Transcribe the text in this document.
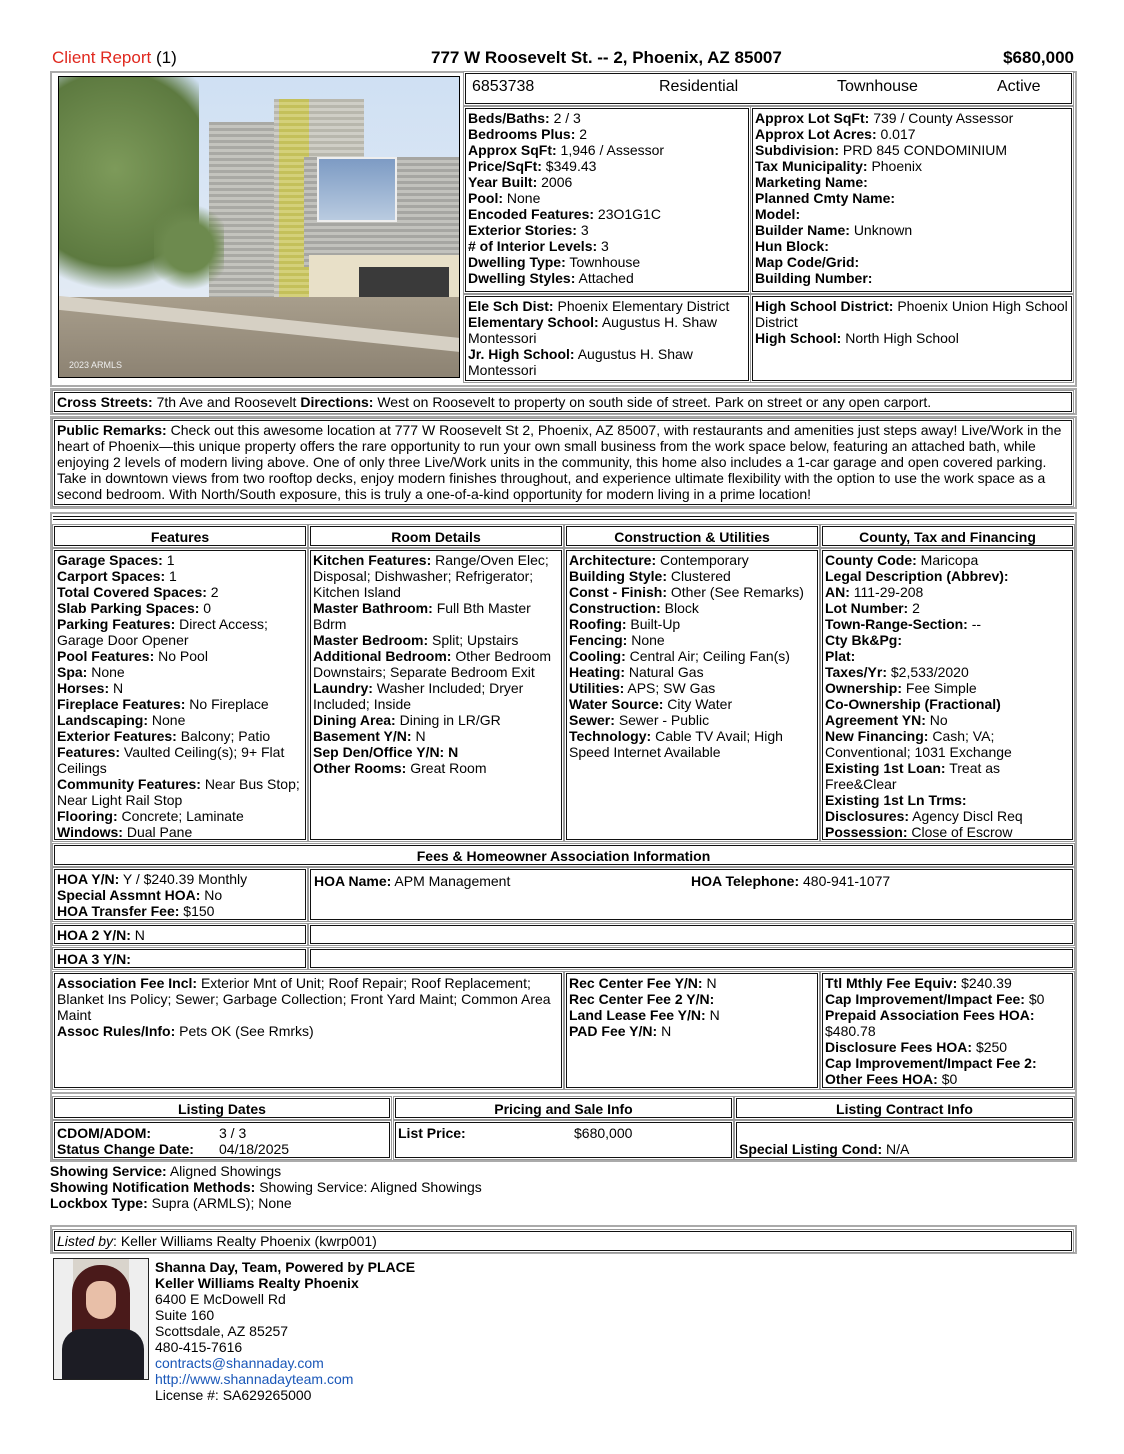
Client Report (1)	777 W Roosevelt St. -- 2, Phoenix, AZ 85007	$680,000
2023 ARMLS
6853738	Residential	Townhouse	Active
Beds/Baths: 2 / 3
Bedrooms Plus: 2
Approx SqFt: 1,946 / Assessor
Price/SqFt: $349.43
Year Built: 2006
Pool: None
Encoded Features: 23O1G1C
Exterior Stories: 3
# of Interior Levels: 3
Dwelling Type: Townhouse
Dwelling Styles: Attached
Approx Lot SqFt: 739 / County Assessor
Approx Lot Acres: 0.017
Subdivision: PRD 845 CONDOMINIUM
Tax Municipality: Phoenix
Marketing Name:
Planned Cmty Name:
Model:
Builder Name: Unknown
Hun Block:
Map Code/Grid:
Building Number:
Ele Sch Dist: Phoenix Elementary District
Elementary School: Augustus H. Shaw Montessori
Jr. High School: Augustus H. Shaw Montessori
High School District: Phoenix Union High School District
High School: North High School
Cross Streets: 7th Ave and Roosevelt Directions: West on Roosevelt to property on south side of street. Park on street or any open carport.
Public Remarks: Check out this awesome location at 777 W Roosevelt St 2, Phoenix, AZ 85007, with restaurants and amenities just steps away! Live/Work in the heart of Phoenix—this unique property offers the rare opportunity to run your own small business from the work space below, featuring an attached bath, while enjoying 2 levels of modern living above. One of only three Live/Work units in the community, this home also includes a 1-car garage and open covered parking. Take in downtown views from two rooftop decks, enjoy modern finishes throughout, and experience ultimate flexibility with the option to use the work space as a second bedroom. With North/South exposure, this is truly a one-of-a-kind opportunity for modern living in a prime location!
Features	Room Details	Construction & Utilities	County, Tax and Financing
Garage Spaces: 1
Carport Spaces: 1
Total Covered Spaces: 2
Slab Parking Spaces: 0
Parking Features: Direct Access; Garage Door Opener
Pool Features: No Pool
Spa: None
Horses: N
Fireplace Features: No Fireplace
Landscaping: None
Exterior Features: Balcony; Patio
Features: Vaulted Ceiling(s); 9+ Flat Ceilings
Community Features: Near Bus Stop; Near Light Rail Stop
Flooring: Concrete; Laminate
Windows: Dual Pane
Kitchen Features: Range/Oven Elec; Disposal; Dishwasher; Refrigerator; Kitchen Island
Master Bathroom: Full Bth Master Bdrm
Master Bedroom: Split; Upstairs
Additional Bedroom: Other Bedroom Downstairs; Separate Bedroom Exit
Laundry: Washer Included; Dryer Included; Inside
Dining Area: Dining in LR/GR
Basement Y/N: N
Sep Den/Office Y/N: N
Other Rooms: Great Room
Architecture: Contemporary
Building Style: Clustered
Const - Finish: Other (See Remarks)
Construction: Block
Roofing: Built-Up
Fencing: None
Cooling: Central Air; Ceiling Fan(s)
Heating: Natural Gas
Utilities: APS; SW Gas
Water Source: City Water
Sewer: Sewer - Public
Technology: Cable TV Avail; High Speed Internet Available
County Code: Maricopa
Legal Description (Abbrev):
AN: 111-29-208
Lot Number: 2
Town-Range-Section: --
Cty Bk&Pg:
Plat:
Taxes/Yr: $2,533/2020
Ownership: Fee Simple
Co-Ownership (Fractional)
Agreement YN: No
New Financing: Cash; VA; Conventional; 1031 Exchange
Existing 1st Loan: Treat as Free&Clear
Existing 1st Ln Trms:
Disclosures: Agency Discl Req
Possession: Close of Escrow
Fees & Homeowner Association Information
HOA Y/N: Y / $240.39 Monthly
Special Assmnt HOA: No
HOA Transfer Fee: $150
HOA Name: APM Management	HOA Telephone: 480-941-1077
HOA 2 Y/N: N
HOA 3 Y/N:
Association Fee Incl: Exterior Mnt of Unit; Roof Repair; Roof Replacement; Blanket Ins Policy; Sewer; Garbage Collection; Front Yard Maint; Common Area Maint
Assoc Rules/Info: Pets OK (See Rmrks)
Rec Center Fee Y/N: N
Rec Center Fee 2 Y/N:
Land Lease Fee Y/N: N
PAD Fee Y/N: N
Ttl Mthly Fee Equiv: $240.39
Cap Improvement/Impact Fee: $0
Prepaid Association Fees HOA: $480.78
Disclosure Fees HOA: $250
Cap Improvement/Impact Fee 2:
Other Fees HOA: $0
Listing Dates	Pricing and Sale Info	Listing Contract Info
CDOM/ADOM:	3 / 3
Status Change Date: 04/18/2025
List Price:	$680,000
Special Listing Cond: N/A
Showing Service: Aligned Showings
Showing Notification Methods: Showing Service: Aligned Showings
Lockbox Type: Supra (ARMLS); None
Listed by: Keller Williams Realty Phoenix (kwrp001)
Shanna Day, Team, Powered by PLACE
Keller Williams Realty Phoenix
6400 E McDowell Rd
Suite 160
Scottsdale, AZ 85257
480-415-7616
contracts@shannaday.com
http://www.shannadayteam.com
License #: SA629265000
